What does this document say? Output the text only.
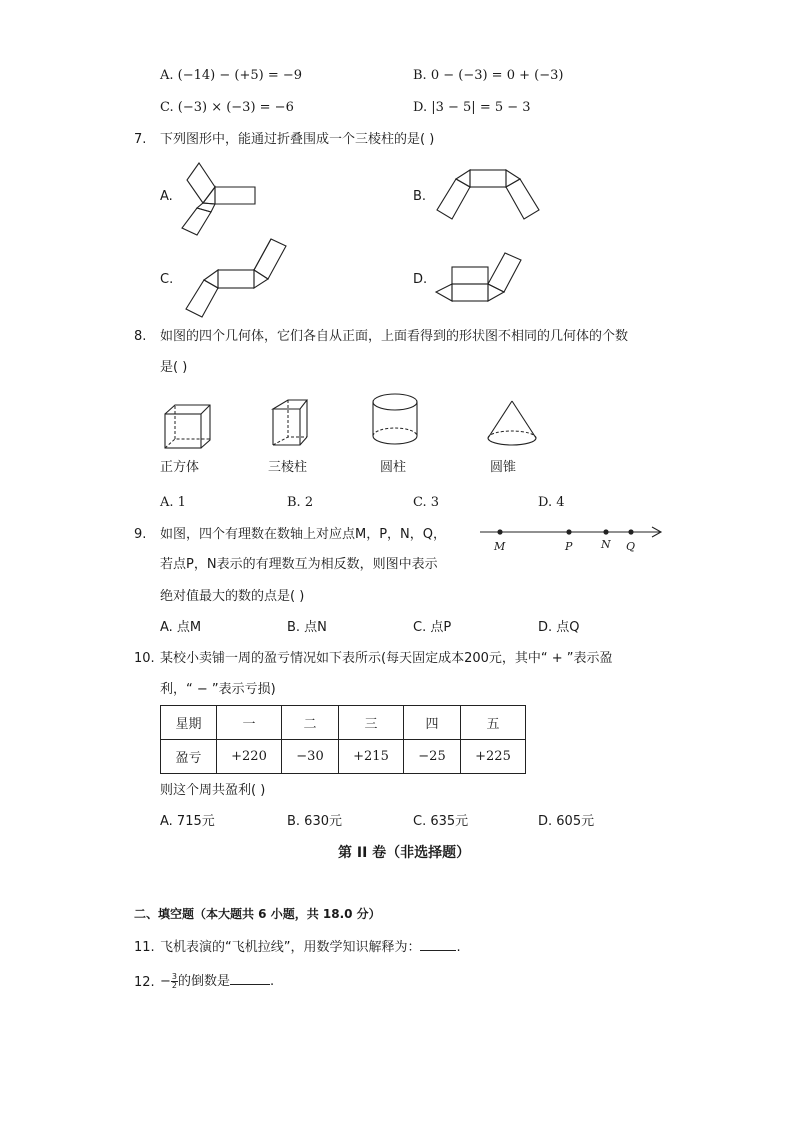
A. (−14) − (+5) = −9	B. 0 − (−3) = 0 + (−3)
C. (−3) × (−3) = −6	D. |3 − 5| = 5 − 3
7. 下列图形中，能通过折叠围成一个三棱柱的是( )
A.	B.
C.	D.
8. 如图的四个几何体，它们各自从正面，上面看得到的形状图不相同的几何体的个数
是( )
正方体	三棱柱	圆柱	圆锥
A. 1	B. 2	C. 3	D. 4
9. 如图，四个有理数在数轴上对应点M，P，N，Q，
若点P，N表示的有理数互为相反数，则图中表示
绝对值最大的数的点是( )
M	P	N Q
A. 点M	B. 点N	C. 点P	D. 点Q
10. 某校小卖铺一周的盈亏情况如下表所示(每天固定成本200元，其中“ + ”表示盈
利，“ − ”表示亏损)
星期	一	二	三	四	五
盈亏	+220	−30	+215	−25	+225
则这个周共盈利( )
A. 715元	B. 630元	C. 635元	D. 605元
第 II 卷（非选择题）
二、填空题（本大题共 6 小题，共 18.0 分）
11. 飞机表演的“飞机拉线”，用数学知识解释为：	.
12. − $\frac{3}{2}$ 的倒数是	.
